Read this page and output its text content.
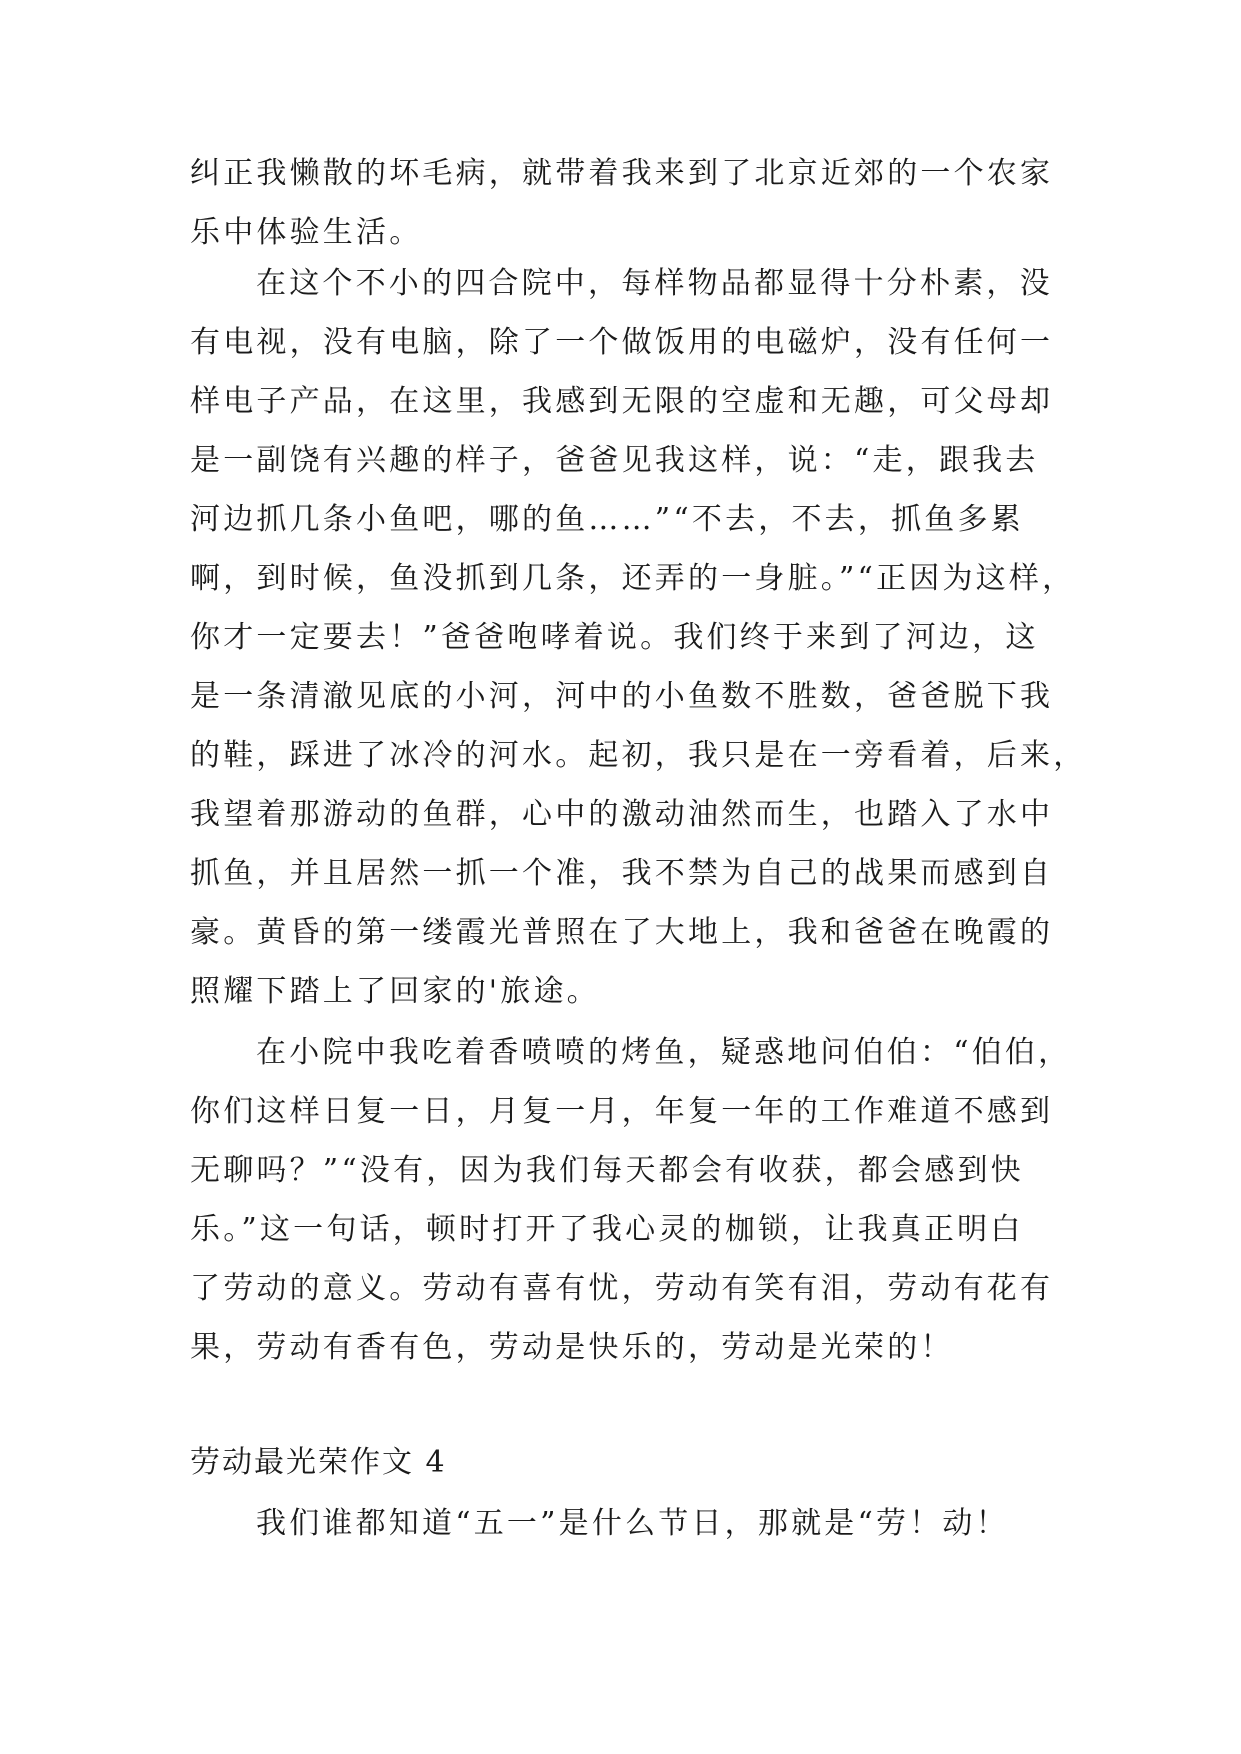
纠正我懒散的坏毛病，就带着我来到了北京近郊的一个农家
乐中体验生活。
在这个不小的四合院中，每样物品都显得十分朴素，没
有电视，没有电脑，除了一个做饭用的电磁炉，没有任何一
样电子产品，在这里，我感到无限的空虚和无趣，可父母却
是一副饶有兴趣的样子，爸爸见我这样，说：“走，跟我去
河边抓几条小鱼吧，哪的鱼……”“不去，不去，抓鱼多累
啊，到时候，鱼没抓到几条，还弄的一身脏。”“正因为这样，
你才一定要去！”爸爸咆哮着说。我们终于来到了河边，这
是一条清澈见底的小河，河中的小鱼数不胜数，爸爸脱下我
的鞋，踩进了冰冷的河水。起初，我只是在一旁看着，后来，
我望着那游动的鱼群，心中的激动油然而生，也踏入了水中
抓鱼，并且居然一抓一个准，我不禁为自己的战果而感到自
豪。黄昏的第一缕霞光普照在了大地上，我和爸爸在晚霞的
照耀下踏上了回家的'旅途。
在小院中我吃着香喷喷的烤鱼，疑惑地问伯伯：“伯伯，
你们这样日复一日，月复一月，年复一年的工作难道不感到
无聊吗？”“没有，因为我们每天都会有收获，都会感到快
乐。”这一句话，顿时打开了我心灵的枷锁，让我真正明白
了劳动的意义。劳动有喜有忧，劳动有笑有泪，劳动有花有
果，劳动有香有色，劳动是快乐的，劳动是光荣的！
劳动最光荣作文 4
我们谁都知道“五一”是什么节日，那就是“劳！动！
